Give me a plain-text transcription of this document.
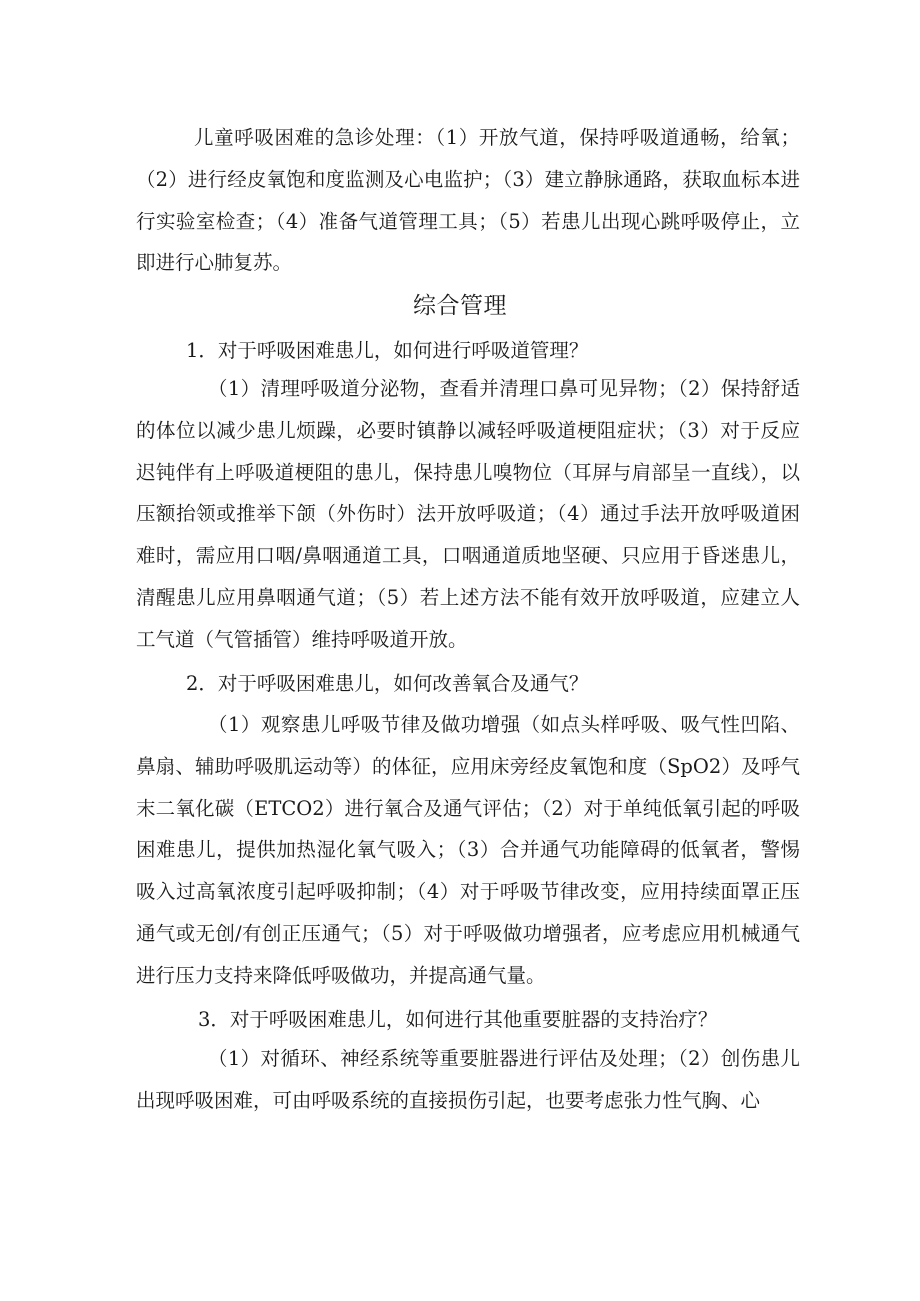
儿童呼吸困难的急诊处理：（1）开放气道，保持呼吸道通畅，给氧；（2）进行经皮氧饱和度监测及心电监护；（3）建立静脉通路，获取血标本进行实验室检查；（4）准备气道管理工具；（5）若患儿出现心跳呼吸停止，立即进行心肺复苏。

综合管理

1．对于呼吸困难患儿，如何进行呼吸道管理？

（1）清理呼吸道分泌物，查看并清理口鼻可见异物；（2）保持舒适的体位以减少患儿烦躁，必要时镇静以减轻呼吸道梗阻症状；（3）对于反应迟钝伴有上呼吸道梗阻的患儿，保持患儿嗅物位（耳屏与肩部呈一直线），以压额抬领或推举下颌（外伤时）法开放呼吸道；（4）通过手法开放呼吸道困难时，需应用口咽/鼻咽通道工具，口咽通道质地坚硬、只应用于昏迷患儿，清醒患儿应用鼻咽通气道；（5）若上述方法不能有效开放呼吸道，应建立人工气道（气管插管）维持呼吸道开放。

2．对于呼吸困难患儿，如何改善氧合及通气？

（1）观察患儿呼吸节律及做功增强（如点头样呼吸、吸气性凹陷、鼻扇、辅助呼吸肌运动等）的体征，应用床旁经皮氧饱和度（SpO2）及呼气末二氧化碳（ETCO2）进行氧合及通气评估；（2）对于单纯低氧引起的呼吸困难患儿，提供加热湿化氧气吸入；（3）合并通气功能障碍的低氧者，警惕吸入过高氧浓度引起呼吸抑制；（4）对于呼吸节律改变，应用持续面罩正压通气或无创/有创正压通气；（5）对于呼吸做功增强者，应考虑应用机械通气进行压力支持来降低呼吸做功，并提高通气量。

3．对于呼吸困难患儿，如何进行其他重要脏器的支持治疗？

（1）对循环、神经系统等重要脏器进行评估及处理；（2）创伤患儿出现呼吸困难，可由呼吸系统的直接损伤引起，也要考虑张力性气胸、心
